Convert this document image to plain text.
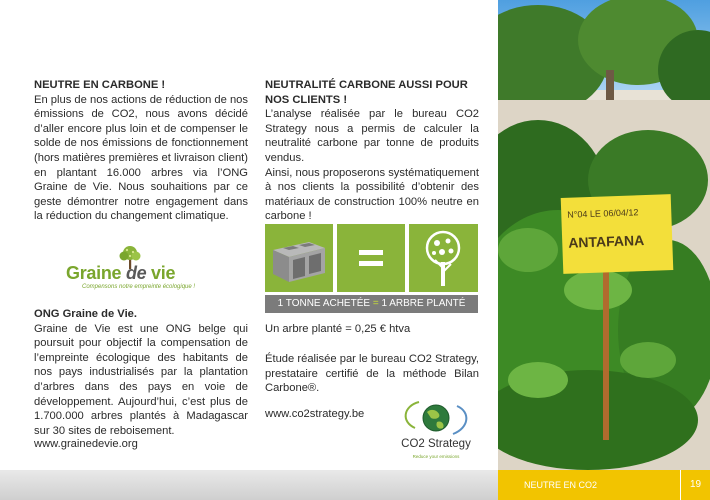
NEUTRE EN CARBONE !
En plus de nos actions de réduction de nos émissions de CO2, nous avons décidé d’aller encore plus loin et de compenser le solde de nos émissions de fonctionnement (hors matières premières et livraison client) en plantant 16.000 arbres via l’ONG Graine de Vie. Nous souhaitions par ce geste démontrer notre engagement dans la réduction du changement climatique.
Graine de vie
Compensons notre empreinte écologique !
ONG Graine de Vie.
Graine de Vie est une ONG belge qui poursuit pour objectif la compensation de l’empreinte écologique des habitants de nos pays industrialisés par la plantation d’arbres dans des pays en voie de développement. Aujourd’hui, c’est plus de 1.700.000 arbres plantés à Madagascar sur 30 sites de reboisement.
www.grainedevie.org
NEUTRALITÉ CARBONE AUSSI POUR NOS CLIENTS !
L’analyse réalisée par le bureau CO2 Strategy nous a permis de calculer la neutralité carbone par tonne de produits vendus.
Ainsi, nous proposerons systématiquement à nos clients la possibilité d’obtenir des matériaux de construction 100% neutre en carbone !
1 TONNE ACHETÉE = 1 ARBRE PLANTÉ
Un arbre planté = 0,25 € htva
Étude réalisée par le bureau CO2 Strategy, prestataire certifié de la méthode Bilan Carbone®.
www.co2strategy.be
CO2 Strategy
Reduce your emissions
N°04 LE 06/04/12
ANTAFANA
NEUTRE EN CO2	19
